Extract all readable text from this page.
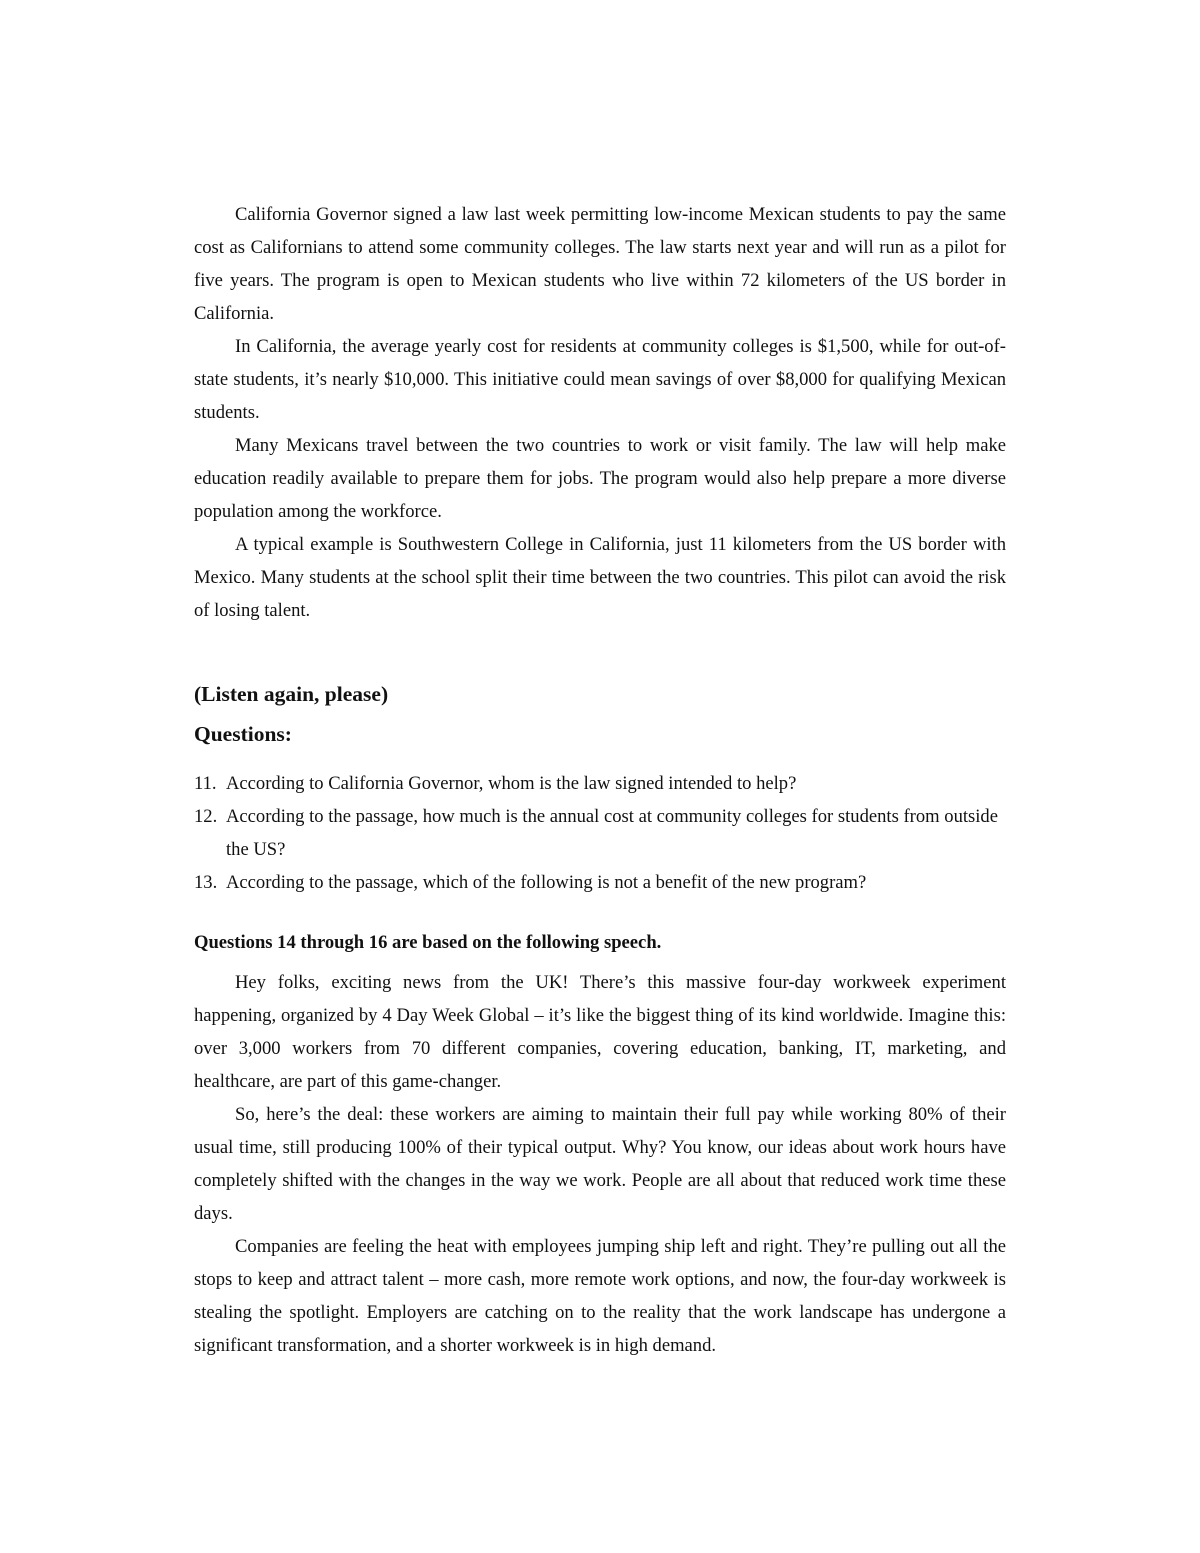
California Governor signed a law last week permitting low-income Mexican students to pay the same cost as Californians to attend some community colleges. The law starts next year and will run as a pilot for five years. The program is open to Mexican students who live within 72 kilometers of the US border in California.

In California, the average yearly cost for residents at community colleges is $1,500, while for out-of-state students, it’s nearly $10,000. This initiative could mean savings of over $8,000 for qualifying Mexican students.

Many Mexicans travel between the two countries to work or visit family. The law will help make education readily available to prepare them for jobs. The program would also help prepare a more diverse population among the workforce.

A typical example is Southwestern College in California, just 11 kilometers from the US border with Mexico. Many students at the school split their time between the two countries. This pilot can avoid the risk of losing talent.

(Listen again, please)
Questions:
11. According to California Governor, whom is the law signed intended to help?
12. According to the passage, how much is the annual cost at community colleges for students from outside the US?
13. According to the passage, which of the following is not a benefit of the new program?

Questions 14 through 16 are based on the following speech.

Hey folks, exciting news from the UK! There’s this massive four-day workweek experiment happening, organized by 4 Day Week Global – it’s like the biggest thing of its kind worldwide. Imagine this: over 3,000 workers from 70 different companies, covering education, banking, IT, marketing, and healthcare, are part of this game-changer.

So, here’s the deal: these workers are aiming to maintain their full pay while working 80% of their usual time, still producing 100% of their typical output. Why? You know, our ideas about work hours have completely shifted with the changes in the way we work. People are all about that reduced work time these days.

Companies are feeling the heat with employees jumping ship left and right. They’re pulling out all the stops to keep and attract talent – more cash, more remote work options, and now, the four-day workweek is stealing the spotlight. Employers are catching on to the reality that the work landscape has undergone a significant transformation, and a shorter workweek is in high demand.
